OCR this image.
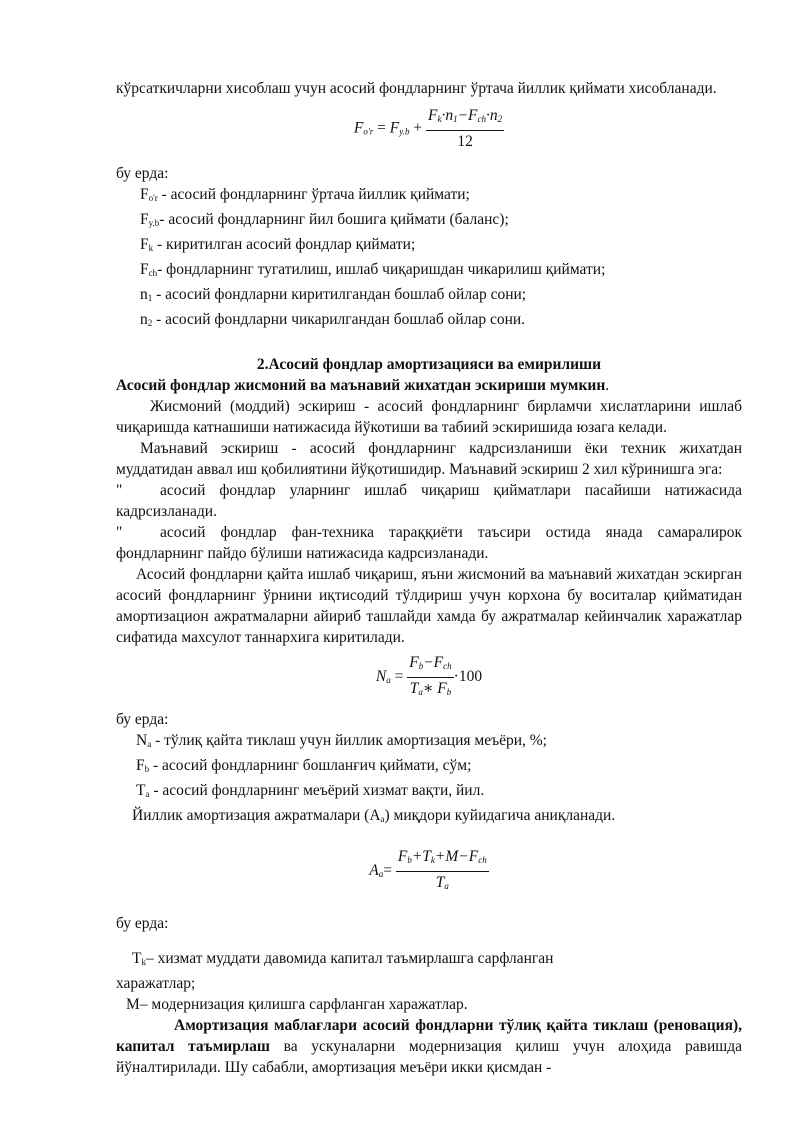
кўрсаткичларни хисоблаш учун асосий фондларнинг ўртача йиллик қиймати хисобланади.

$F_{o'r} = F_{y.b} + \frac{F_k\cdot n_1-F_{ch}\cdot n_2}{12}$

бу ерда:

$F_{o'r}$ - асосий фондларнинг ўртача йиллик қиймати;

$F_{y.b}-$ асосий фондларнинг йил бошига қиймати (баланс);

$F_k$ - киритилган асосий фондлар қиймати;

$F_{ch}-$ фондларнинг тугатилиш, ишлаб чиқаришдан чикарилиш қиймати;

$n_1$ - асосий фондларни киритилгандан бошлаб ойлар сони;

$n_2$ - асосий фондларни чикарилгандан бошлаб ойлар сони.

2.Асосий фондлар амортизацияси ва емирилиши

Асосий фондлар жисмоний ва маънавий жихатдан эскириши мумкин.

Жисмоний (моддий) эскириш - асосий фондларнинг бирламчи хислатларини ишлаб чиқаришда катнашиши натижасида йўкотиши ва табиий эскиришида юзага келади.

Маънавий эскириш - асосий фондларнинг кадрсизланиши ёки техник жихатдан муддатидан аввал иш қобилиятини йўқотишидир. Маънавий эскириш 2 хил кўринишга эга:

" асосий фондлар уларнинг ишлаб чиқариш қийматлари пасайиши натижасида кадрсизланади.

" асосий фондлар фан-техника тараққиёти таъсири остида янада самаралирок фондларнинг пайдо бўлиши натижасида кадрсизланади.

Асосий фондларни қайта ишлаб чиқариш, яъни жисмоний ва маънавий жихатдан эскирган асосий фондларнинг ўрнини иқтисодий тўлдириш учун корхона бу воситалар қийматидан амортизацион ажратмаларни айириб ташлайди хамда бу ажратмалар кейинчалик харажатлар сифатида махсулот таннархига киритилади.

$N_a = \frac{F_b-F_{ch}}{T_a∗ F_b} \cdot 100$

бу ерда:

$N_a$ - тўлиқ қайта тиклаш учун йиллик амортизация меъёри, %;

$F_b$ - асосий фондларнинг бошланғич қиймати, сўм;

$T_a$ - асосий фондларнинг меъёрий хизмат вақти, йил.

Йиллик амортизация ажратмалари $(А_a)$ миқдори куйидагича аниқланади.

$A_a= \frac{F_b+T_k+M-F_{ch}}{T_a}$

бу ерда:

$T_k-$ хизмат муддати давомида капитал таъмирлашга сарфланган

харажатлар;

M– модернизация қилишга сарфланган харажатлар.

Амортизация маблағлари асосий фондларни тўлиқ қайта тиклаш (реновация), капитал таъмирлаш ва ускуналарни модернизация қилиш учун алоҳида равишда йўналтирилади. Шу сабабли, амортизация меъёри икки қисмдан -
